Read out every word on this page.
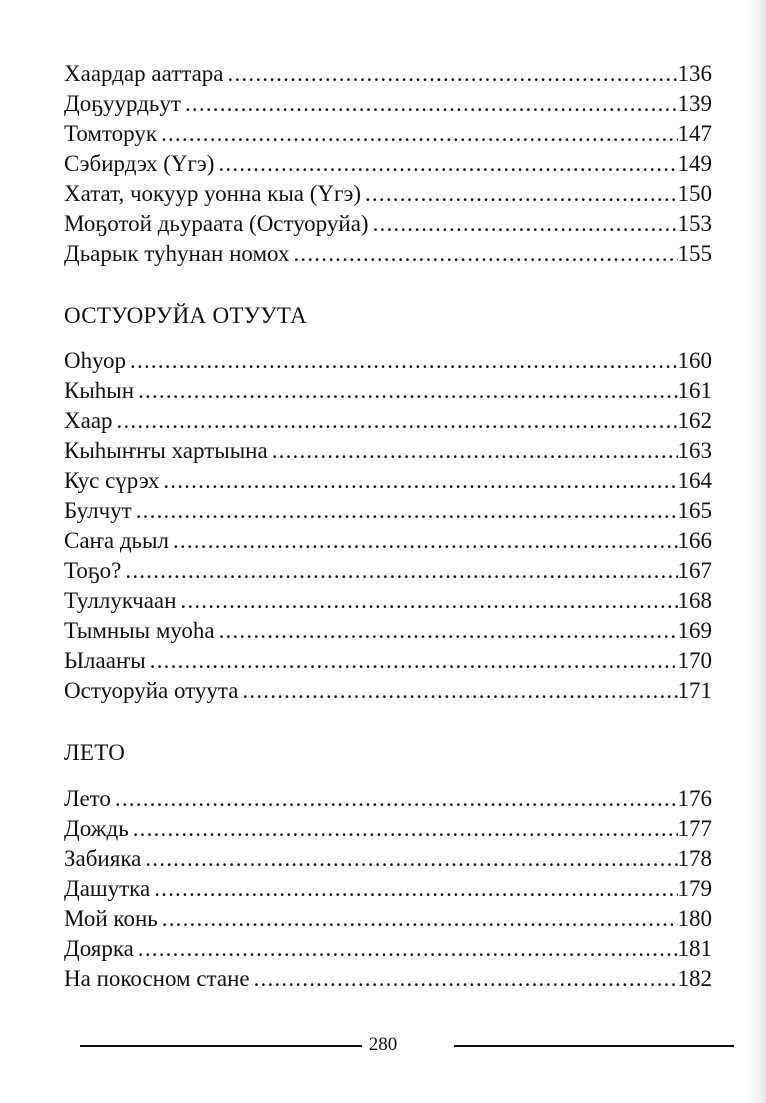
Хаардар ааттара .....	136
Доҕуурдьут .....	139
Томторук .....	147
Сэбирдэх (Үгэ) .....	149
Хатат, чокуур уонна кыа (Үгэ) .....	150
Моҕотой дьурaата (Остуоруйа) .....	153
Дьарык туһунан номох .....	155
ОСТУОРУЙА ОТУУТА
Оһуор .....	160
Кыһын .....	161
Хаар .....	162
Кыһыҥҥы хартыына .....	163
Кус сүрэх .....	164
Булчут .....	165
Саҥа дьыл .....	166
Тоҕо? .....	167
Туллукчаан .....	168
Тымныы муоһа .....	169
Ылааҥы .....	170
Остуоруйа отуута .....	171
ЛЕТО
Лето .....	176
Дождь .....	177
Забияка .....	178
Дашутка .....	179
Мой конь .....	180
Доярка .....	181
На покосном стане .....	182
280
